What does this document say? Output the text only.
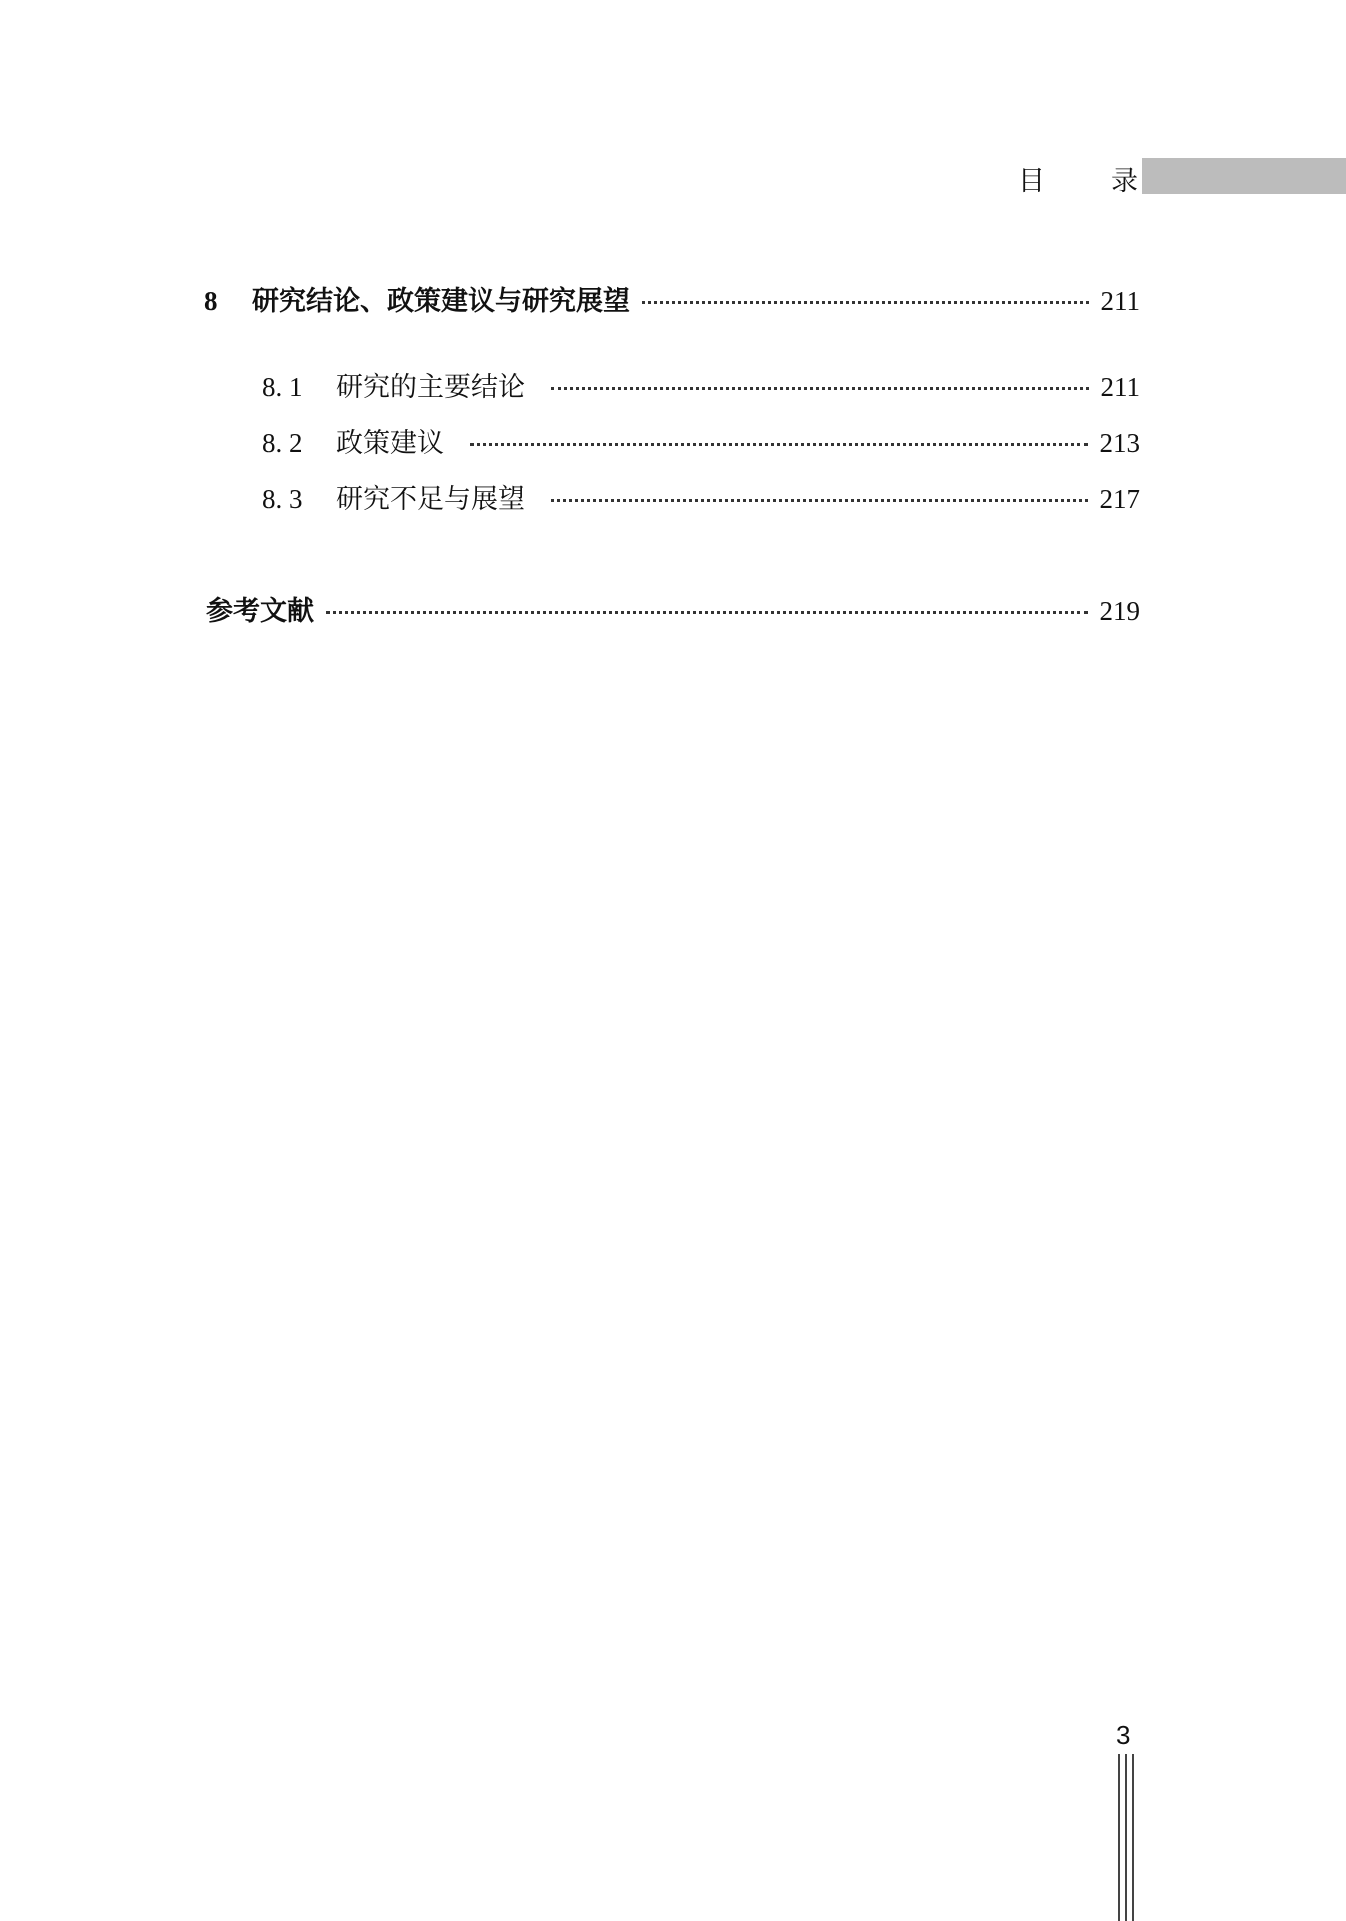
目 录
8	研究结论、政策建议与研究展望	211
8. 1	研究的主要结论	211
8. 2	政策建议	213
8. 3	研究不足与展望	217
参考文献	219
3
